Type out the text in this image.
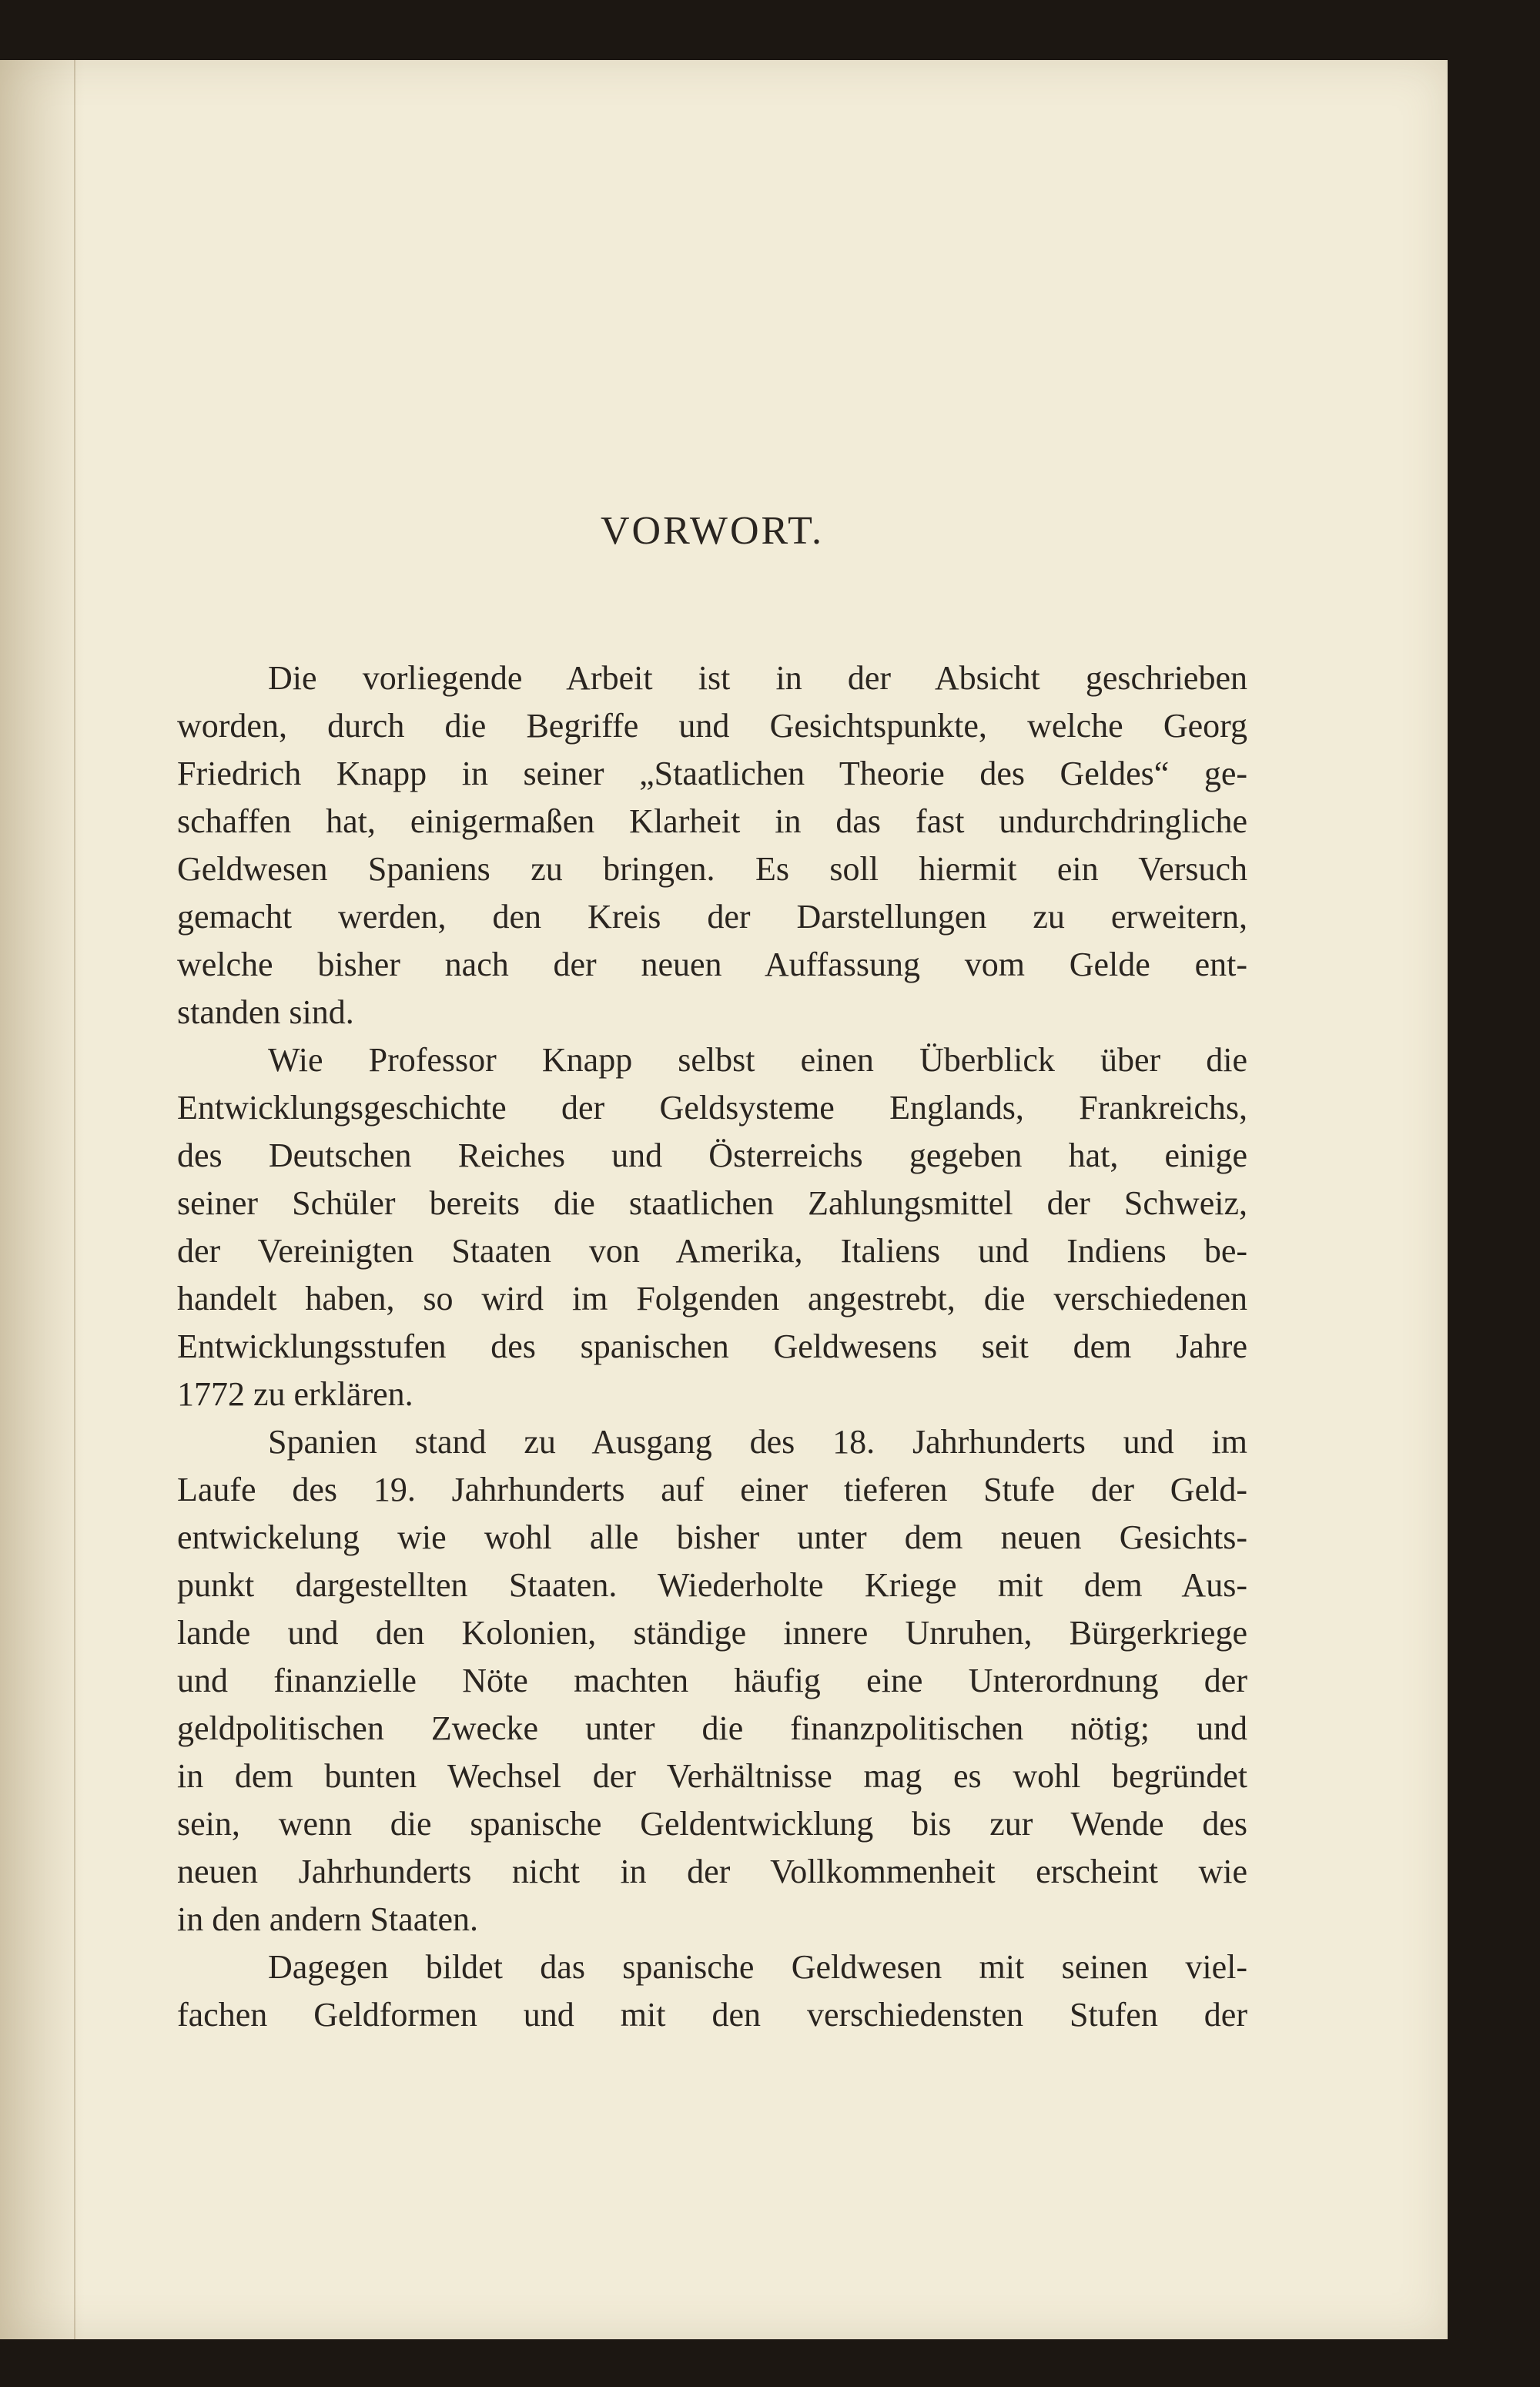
VORWORT.
Die vorliegende Arbeit ist in der Absicht geschrieben
worden, durch die Begriffe und Gesichtspunkte, welche Georg
Friedrich Knapp in seiner „Staatlichen Theorie des Geldes“ ge-
schaffen hat, einigermaßen Klarheit in das fast undurchdringliche
Geldwesen Spaniens zu bringen. Es soll hiermit ein Versuch
gemacht werden, den Kreis der Darstellungen zu erweitern,
welche bisher nach der neuen Auffassung vom Gelde ent-
standen sind.
Wie Professor Knapp selbst einen Überblick über die
Entwicklungsgeschichte der Geldsysteme Englands, Frankreichs,
des Deutschen Reiches und Österreichs gegeben hat, einige
seiner Schüler bereits die staatlichen Zahlungsmittel der Schweiz,
der Vereinigten Staaten von Amerika, Italiens und Indiens be-
handelt haben, so wird im Folgenden angestrebt, die verschiedenen
Entwicklungsstufen des spanischen Geldwesens seit dem Jahre
1772 zu erklären.
Spanien stand zu Ausgang des 18. Jahrhunderts und im
Laufe des 19. Jahrhunderts auf einer tieferen Stufe der Geld-
entwickelung wie wohl alle bisher unter dem neuen Gesichts-
punkt dargestellten Staaten. Wiederholte Kriege mit dem Aus-
lande und den Kolonien, ständige innere Unruhen, Bürgerkriege
und finanzielle Nöte machten häufig eine Unterordnung der
geldpolitischen Zwecke unter die finanzpolitischen nötig; und
in dem bunten Wechsel der Verhältnisse mag es wohl begründet
sein, wenn die spanische Geldentwicklung bis zur Wende des
neuen Jahrhunderts nicht in der Vollkommenheit erscheint wie
in den andern Staaten.
Dagegen bildet das spanische Geldwesen mit seinen viel-
fachen Geldformen und mit den verschiedensten Stufen der
